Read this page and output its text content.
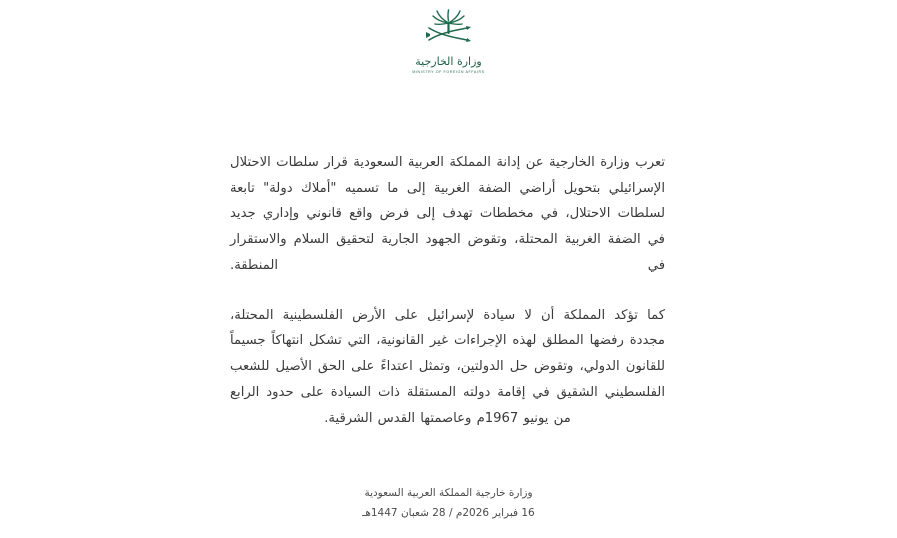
وزارة الخارجية
MINISTRY OF FOREIGN AFFAIRS

تعرب وزارة الخارجية عن إدانة المملكة العربية السعودية قرار سلطات الاحتلال الإسرائيلي بتحويل أراضي الضفة الغربية إلى ما تسميه "أملاك دولة" تابعة لسلطات الاحتلال، في مخططات تهدف إلى فرض واقع قانوني وإداري جديد في الضفة الغربية المحتلة، وتقوض الجهود الجارية لتحقيق السلام والاستقرار في المنطقة.

كما تؤكد المملكة أن لا سيادة لإسرائيل على الأرض الفلسطينية المحتلة، مجددة رفضها المطلق لهذه الإجراءات غير القانونية، التي تشكل انتهاكاً جسيماً للقانون الدولي، وتقوض حل الدولتين، وتمثل اعتداءً على الحق الأصيل للشعب الفلسطيني الشقيق في إقامة دولته المستقلة ذات السيادة على حدود الرابع من يونيو 1967م وعاصمتها القدس الشرقية.

وزارة خارجية المملكة العربية السعودية
16 فبراير 2026م / 28 شعبان 1447هـ
